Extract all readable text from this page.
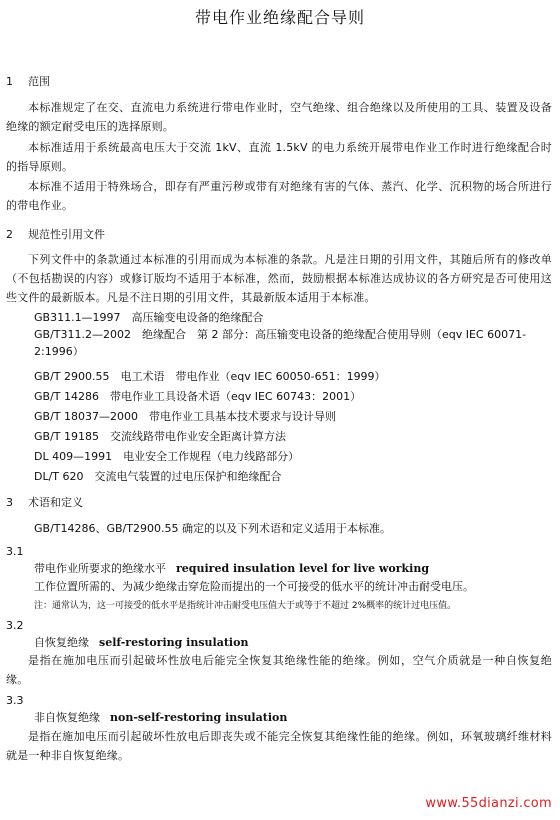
带电作业绝缘配合导则
1 范围
本标准规定了在交、直流电力系统进行带电作业时，空气绝缘、组合绝缘以及所使用的工具、装置及设备绝缘的额定耐受电压的选择原则。
本标准适用于系统最高电压大于交流 1kV、直流 1.5kV 的电力系统开展带电作业工作时进行绝缘配合时的指导原则。
本标准不适用于特殊场合，即存有严重污秽或带有对绝缘有害的气体、蒸汽、化学、沉积物的场合所进行的带电作业。
2 规范性引用文件
下列文件中的条款通过本标准的引用而成为本标准的条款。凡是注日期的引用文件，其随后所有的修改单（不包括勘误的内容）或修订版均不适用于本标准，然而，鼓励根据本标准达成协议的各方研究是否可使用这些文件的最新版本。凡是不注日期的引用文件，其最新版本适用于本标准。
GB311.1—1997　高压输变电设备的绝缘配合
GB/T311.2—2002　绝缘配合　第 2 部分：高压输变电设备的绝缘配合使用导则（eqv IEC 60071-2:1996）
GB/T 2900.55　电工术语　带电作业（eqv IEC 60050-651：1999）
GB/T 14286　带电作业工具设备术语（eqv IEC 60743：2001）
GB/T 18037—2000　带电作业工具基本技术要求与设计导则
GB/T 19185　交流线路带电作业安全距离计算方法
DL 409—1991　电业安全工作规程（电力线路部分）
DL/T 620　交流电气装置的过电压保护和绝缘配合
3 术语和定义
GB/T14286、GB/T2900.55 确定的以及下列术语和定义适用于本标准。
3.1
带电作业所要求的绝缘水平 required insulation level for live working
工作位置所需的、为减少绝缘击穿危险而提出的一个可接受的低水平的统计冲击耐受电压。
注：通常认为，这一可接受的低水平是指统计冲击耐受电压值大于或等于不超过 2%概率的统计过电压值。
3.2
自恢复绝缘 self-restoring insulation
是指在施加电压而引起破坏性放电后能完全恢复其绝缘性能的绝缘。例如，空气介质就是一种自恢复绝缘。
3.3
非自恢复绝缘 non-self-restoring insulation
是指在施加电压而引起破坏性放电后即丧失或不能完全恢复其绝缘性能的绝缘。例如，环氧玻璃纤维材料就是一种非自恢复绝缘。
www.55dianzi.com
